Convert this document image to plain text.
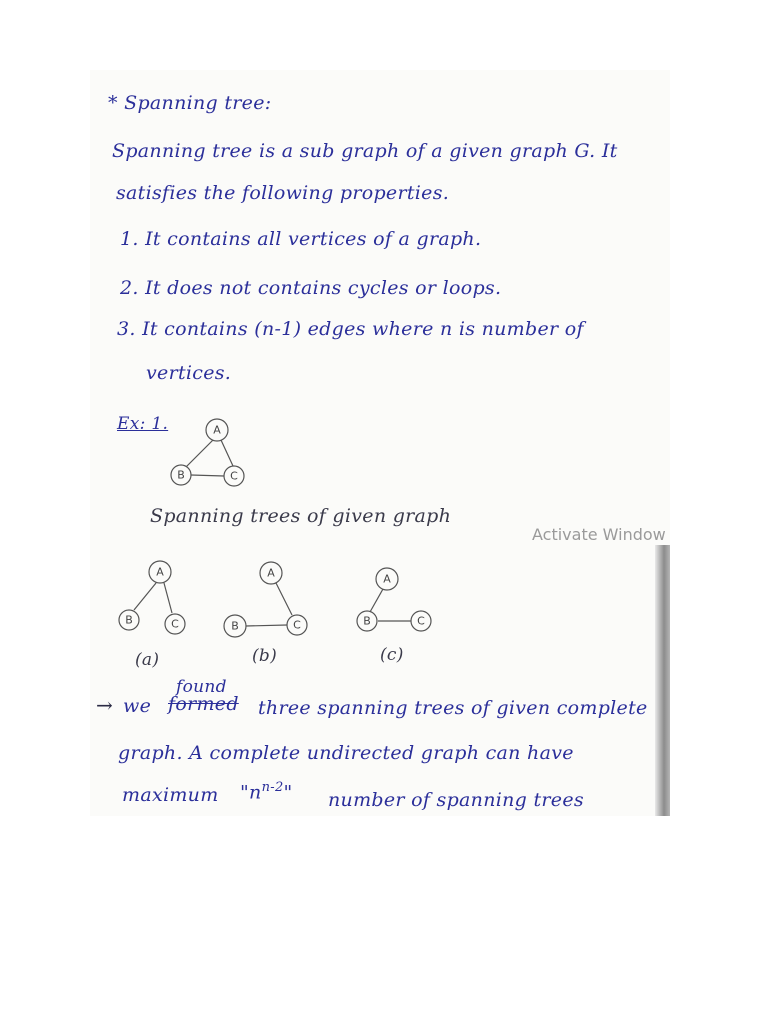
* Spanning tree:
Spanning tree is a sub graph of a given graph G. It
satisfies the following properties.
1. It contains all vertices of a graph.
2. It does not contains cycles or loops.
3. It contains (n-1) edges where n is number of
vertices.
Ex: 1.	A
B	C
Spanning trees of given graph
Activate Window
A
B	C
A
B	C
A
B	C
(a)	(b)	(c)
→ we formed
found
three spanning trees of given complete
graph. A complete undirected graph can have
maximum "$n^{n-2}$" number of spanning trees
